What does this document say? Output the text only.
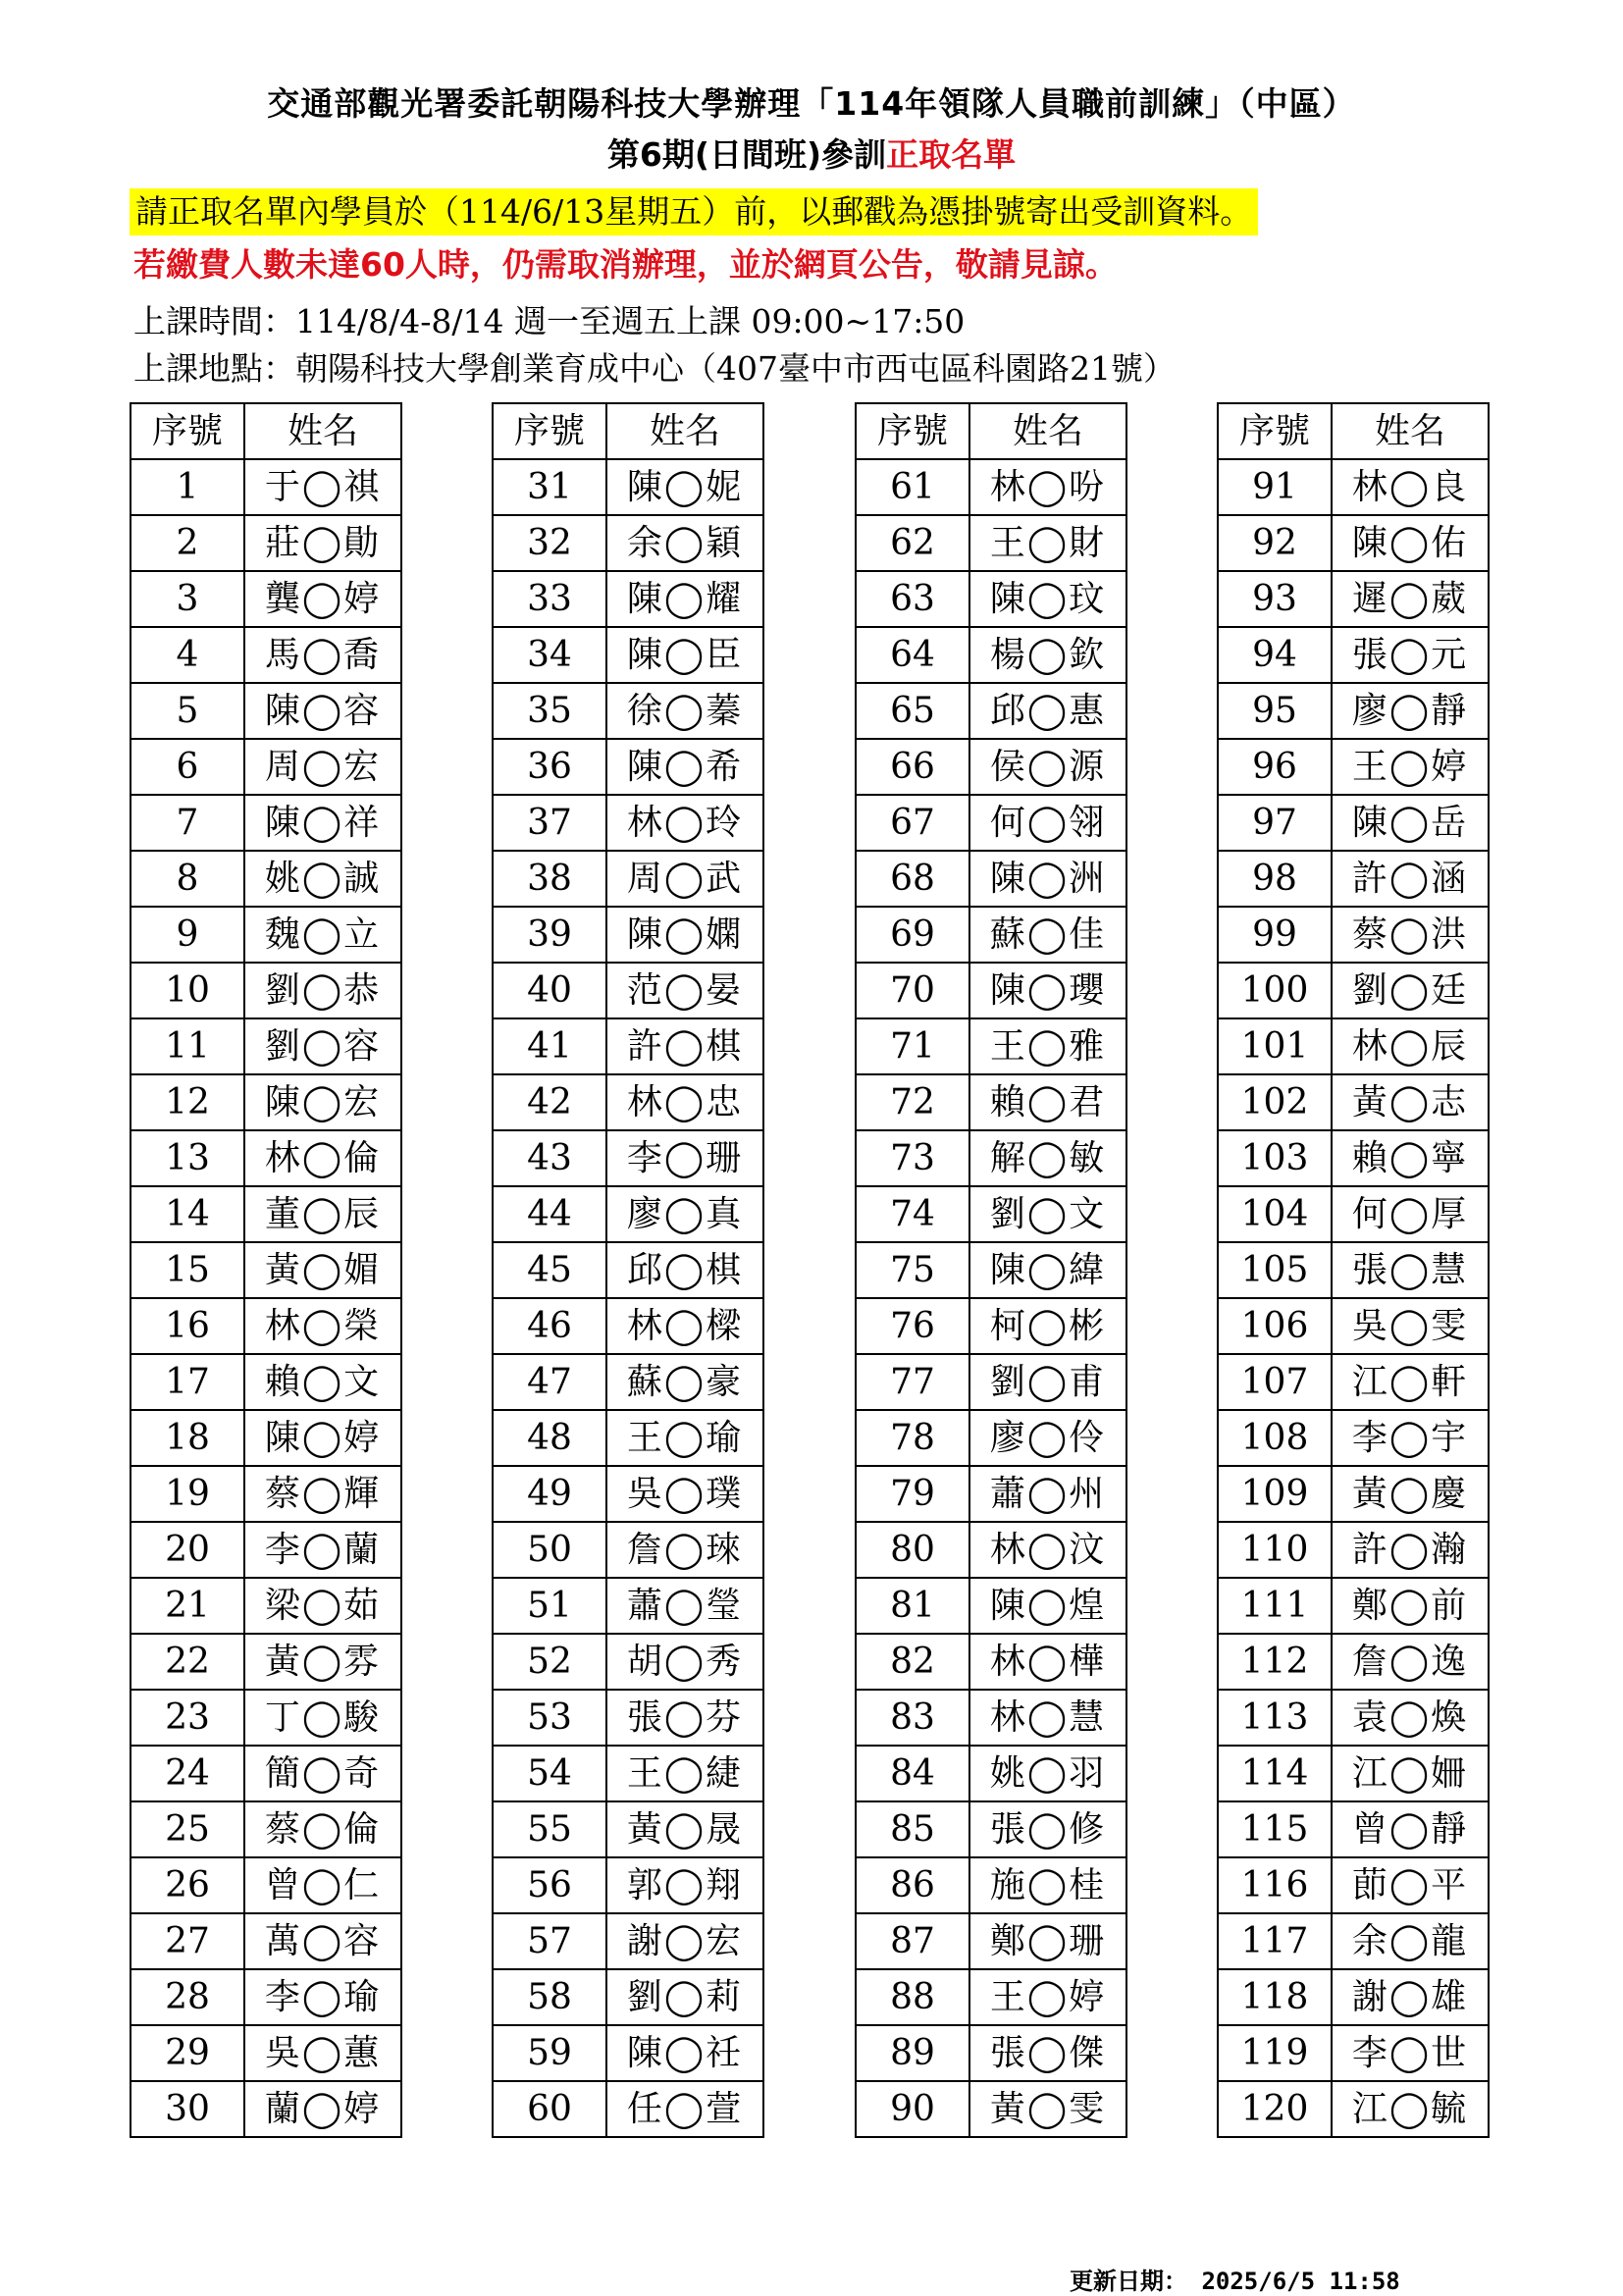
交通部觀光署委託朝陽科技大學辦理「114年領隊人員職前訓練」（中區）
第6期(日間班)參訓正取名單
請正取名單內學員於（114/6/13星期五）前，以郵戳為憑掛號寄出受訓資料。
若繳費人數未達60人時，仍需取消辦理，並於網頁公告，敬請見諒。
上課時間：114/8/4-8/14 週一至週五上課 09:00~17:50
上課地點：朝陽科技大學創業育成中心（407臺中市西屯區科園路21號）
序號	姓名
1	于◯祺
2	莊◯勛
3	龔◯婷
4	馬◯喬
5	陳◯容
6	周◯宏
7	陳◯祥
8	姚◯誠
9	魏◯立
10	劉◯恭
11	劉◯容
12	陳◯宏
13	林◯倫
14	董◯辰
15	黃◯媚
16	林◯榮
17	賴◯文
18	陳◯婷
19	蔡◯輝
20	李◯蘭
21	梁◯茹
22	黃◯雰
23	丁◯駿
24	簡◯奇
25	蔡◯倫
26	曾◯仁
27	萬◯容
28	李◯瑜
29	吳◯蕙
30	蘭◯婷
序號	姓名
31	陳◯妮
32	余◯穎
33	陳◯耀
34	陳◯臣
35	徐◯蓁
36	陳◯希
37	林◯玲
38	周◯武
39	陳◯嫻
40	范◯晏
41	許◯棋
42	林◯忠
43	李◯珊
44	廖◯真
45	邱◯棋
46	林◯樑
47	蘇◯豪
48	王◯瑜
49	吳◯璞
50	詹◯琜
51	蕭◯瑩
52	胡◯秀
53	張◯芬
54	王◯緁
55	黃◯晟
56	郭◯翔
57	謝◯宏
58	劉◯莉
59	陳◯祍
60	任◯萱
序號	姓名
61	林◯吩
62	王◯財
63	陳◯玟
64	楊◯欽
65	邱◯惠
66	侯◯源
67	何◯翎
68	陳◯洲
69	蘇◯佳
70	陳◯瓔
71	王◯雅
72	賴◯君
73	解◯敏
74	劉◯文
75	陳◯緯
76	柯◯彬
77	劉◯甫
78	廖◯伶
79	蕭◯州
80	林◯汶
81	陳◯煌
82	林◯樺
83	林◯慧
84	姚◯羽
85	張◯修
86	施◯桂
87	鄭◯珊
88	王◯婷
89	張◯傑
90	黃◯雯
序號	姓名
91	林◯良
92	陳◯佑
93	遲◯葳
94	張◯元
95	廖◯靜
96	王◯婷
97	陳◯岳
98	許◯涵
99	蔡◯洪
100	劉◯廷
101	林◯辰
102	黃◯志
103	賴◯寧
104	何◯厚
105	張◯慧
106	吳◯雯
107	江◯軒
108	李◯宇
109	黃◯慶
110	許◯瀚
111	鄭◯前
112	詹◯逸
113	袁◯煥
114	江◯姍
115	曾◯靜
116	莭◯平
117	余◯龍
118	謝◯雄
119	李◯世
120	江◯毓
更新日期： 2025/6/5 11:58
